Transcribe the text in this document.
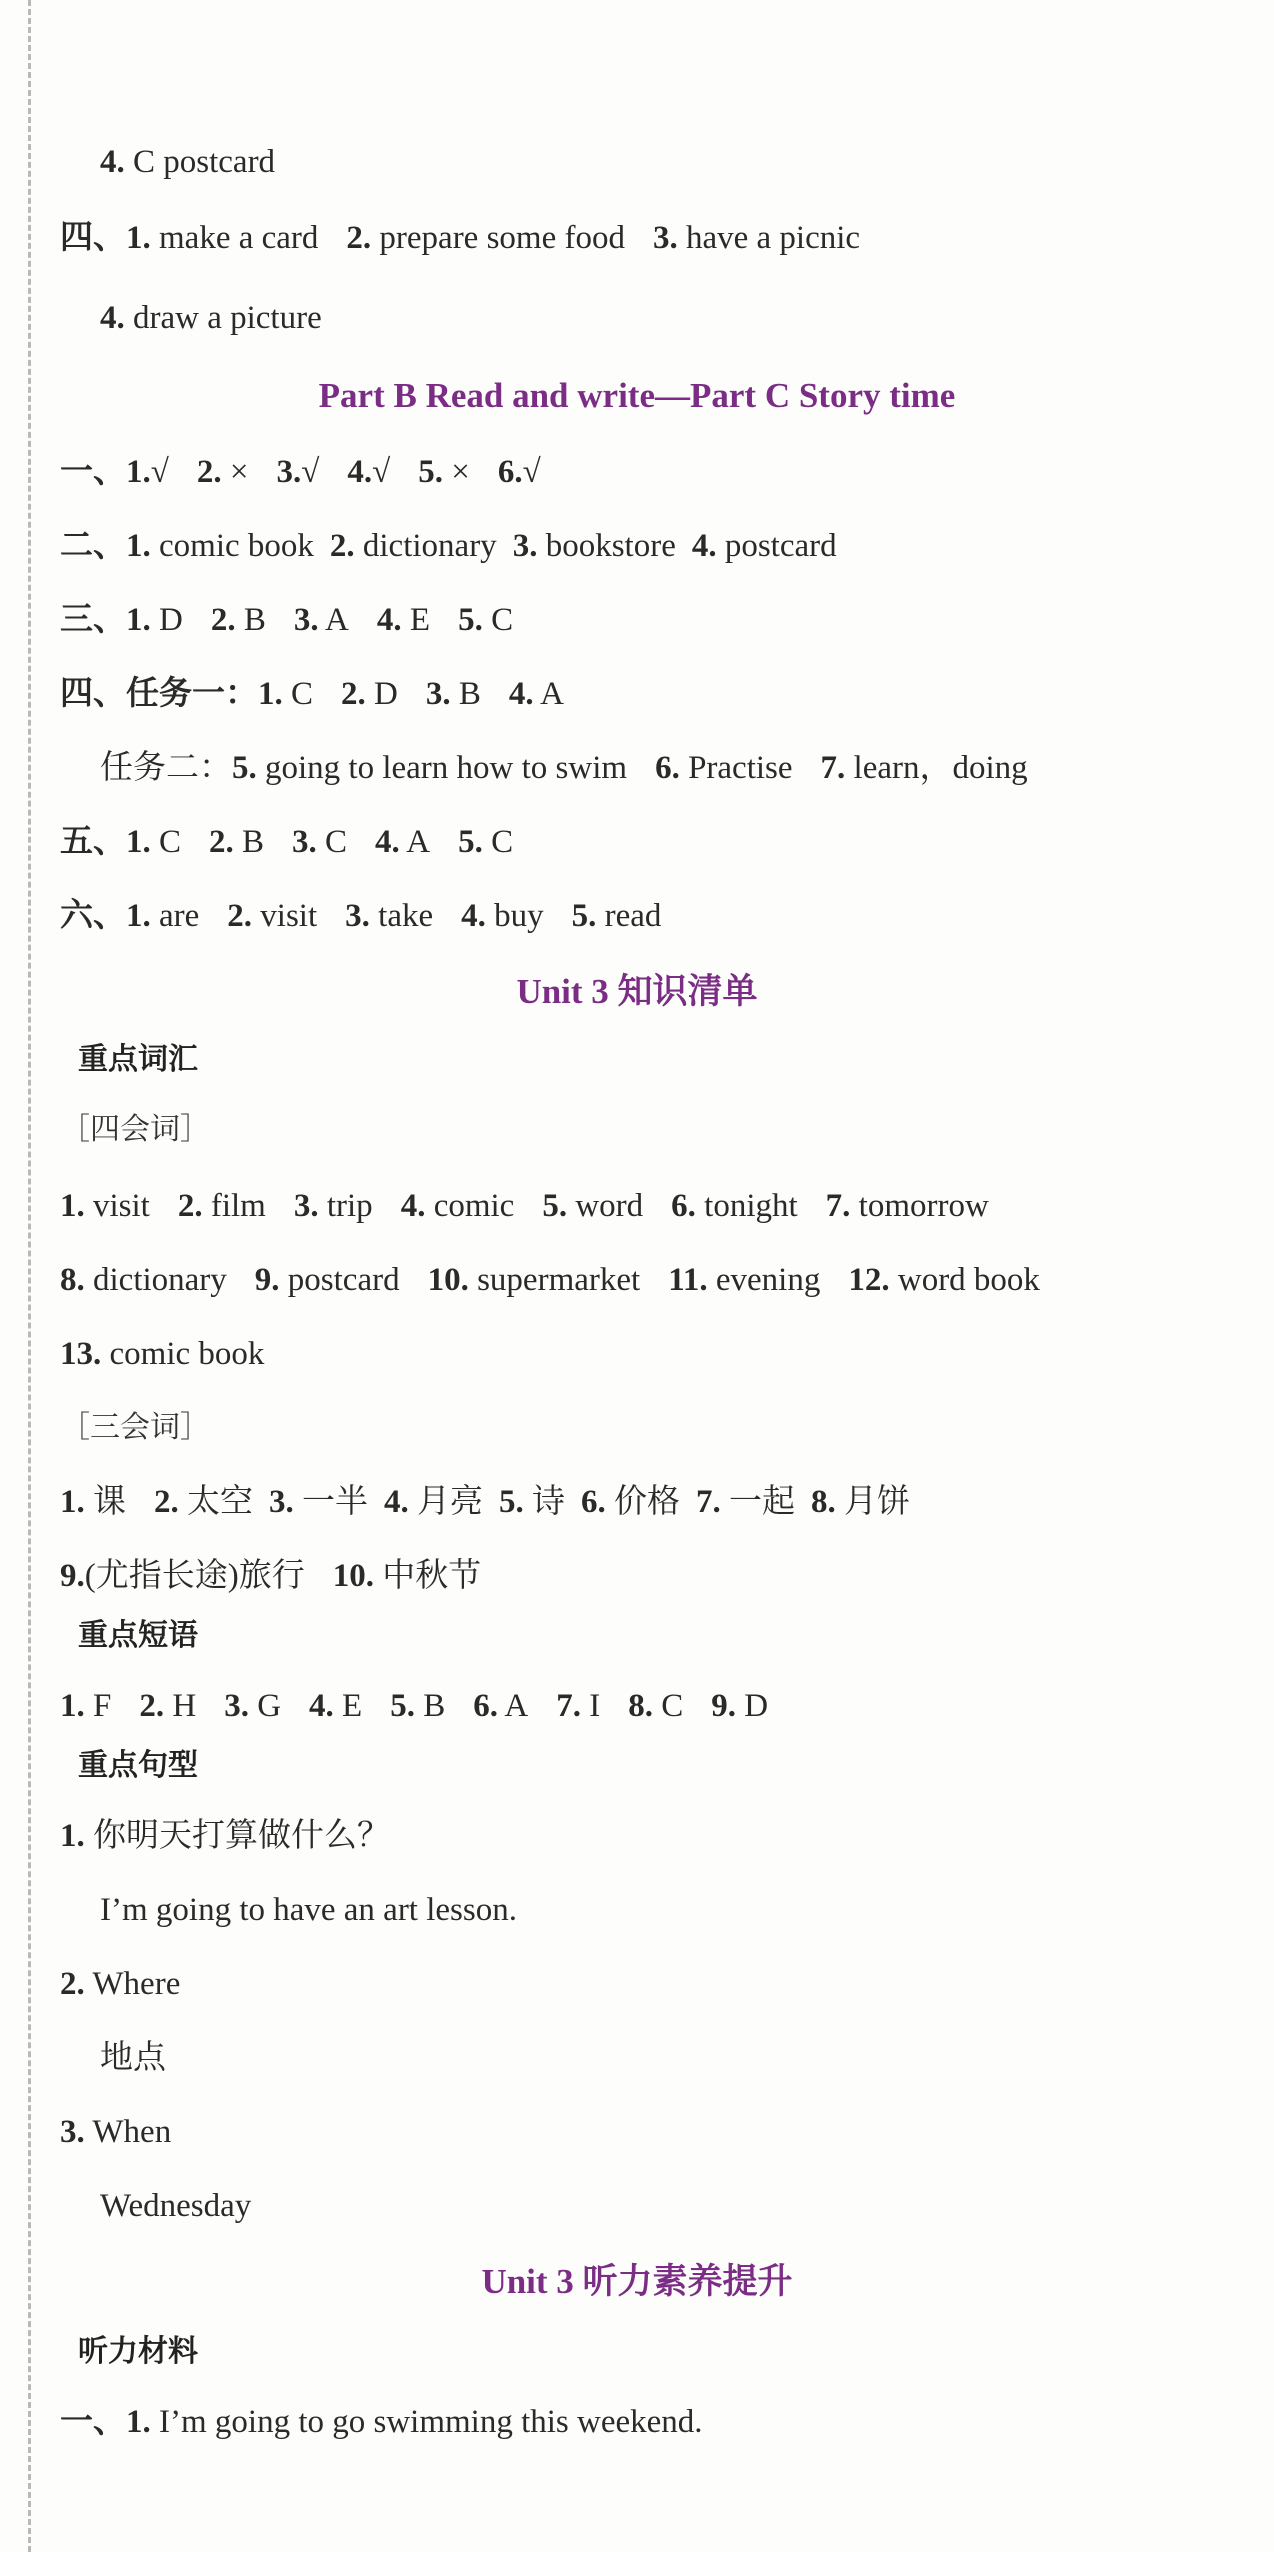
4. C postcard
四、1. make a card 2. prepare some food 3. have a picnic
4. draw a picture
Part B Read and write—Part C Story time
一、1.√ 2. × 3.√ 4.√ 5. × 6.√
二、1. comic book 2. dictionary 3. bookstore 4. postcard
三、1. D 2. B 3. A 4. E 5. C
四、任务一：1. C 2. D 3. B 4. A
任务二：5. going to learn how to swim 6. Practise 7. learn，doing
五、1. C 2. B 3. C 4. A 5. C
六、1. are 2. visit 3. take 4. buy 5. read
Unit 3 知识清单
重点词汇
［四会词］
1. visit 2. film 3. trip 4. comic 5. word 6. tonight 7. tomorrow
8. dictionary 9. postcard 10. supermarket 11. evening 12. word book
13. comic book
［三会词］
1. 课 2. 太空 3. 一半 4. 月亮 5. 诗 6. 价格 7. 一起 8. 月饼
9.(尤指长途)旅行 10. 中秋节
重点短语
1. F 2. H 3. G 4. E 5. B 6. A 7. I 8. C 9. D
重点句型
1. 你明天打算做什么？
I’m going to have an art lesson.
2. Where
地点
3. When
Wednesday
Unit 3 听力素养提升
听力材料
一、1. I’m going to go swimming this weekend.
